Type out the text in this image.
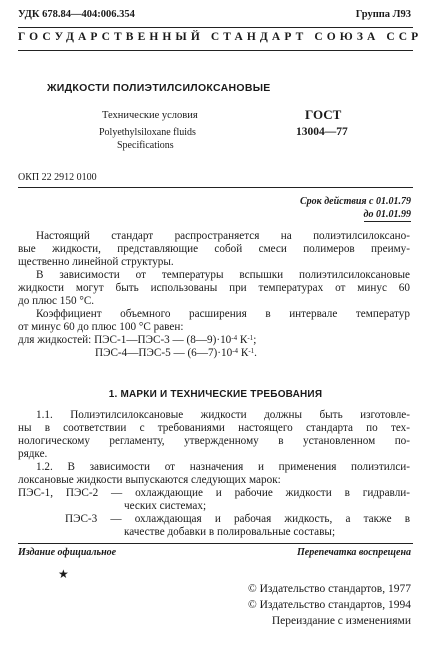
УДК 678.84—404:006.354	Группа Л93
ГОСУДАРСТВЕННЫЙ СТАНДАРТ СОЮЗА ССР
ЖИДКОСТИ ПОЛИЭТИЛСИЛОКСАНОВЫЕ
Технические условия
Polyethylsiloxane fluids
Specifications
ГОСТ
13004—77
ОКП 22 2912 0100
Срок действия с 01.01.79
до 01.01.99
Настоящий стандарт распространяется на полиэтилсилоксано-
вые жидкости, представляющие собой смеси полимеров преиму-
щественно линейной структуры.
В зависимости от температуры вспышки полиэтилсилоксановые
жидкости могут быть использованы при температурах от минус 60
до плюс 150 °С.
Коэффициент объемного расширения в интервале температур
от минус 60 до плюс 100 °С равен:
для жидкостей: ПЭС-1—ПЭС-3 — $(8—9)\cdot 10^{-4}$ $К^{-1}$;
ПЭС-4—ПЭС-5 — $(6—7)\cdot 10^{-4}$ $К^{-1}$.
1. МАРКИ И ТЕХНИЧЕСКИЕ ТРЕБОВАНИЯ
1.1. Полиэтилсилоксановые жидкости должны быть изготовле-
ны в соответствии с требованиями настоящего стандарта по тех-
нологическому регламенту, утвержденному в установленном по-
рядке.
1.2. В зависимости от назначения и применения полиэтилси-
локсановые жидкости выпускаются следующих марок:
ПЭС-1, ПЭС-2 — охлаждающие и рабочие жидкости в гидравли-
ческих системах;
ПЭС-3 — охлаждающая и рабочая жидкость, а также в
качестве добавки в полировальные составы;
Издание официальное	Перепечатка воспрещена
★
© Издательство стандартов, 1977
© Издательство стандартов, 1994
Переиздание с изменениями
